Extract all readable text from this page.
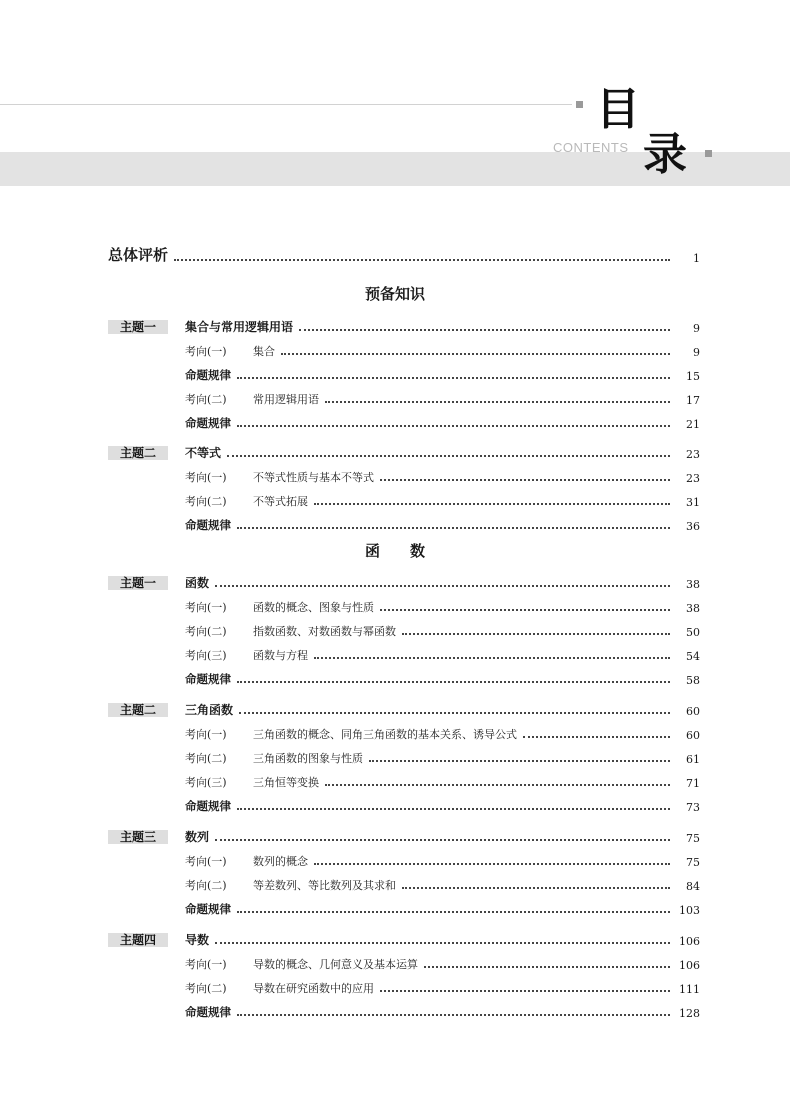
CONTENTS
目
录
总体评析	1
预备知识
主题一	集合与常用逻辑用语	9
考向(一) 集合	9
命题规律	15
考向(二) 常用逻辑用语	17
命题规律	21
主题二	不等式	23
考向(一) 不等式性质与基本不等式	23
考向(二) 不等式拓展	31
命题规律	36
函　　数
主题一	函数	38
考向(一) 函数的概念、图象与性质	38
考向(二) 指数函数、对数函数与幂函数	50
考向(三) 函数与方程	54
命题规律	58
主题二	三角函数	60
考向(一) 三角函数的概念、同角三角函数的基本关系、诱导公式	60
考向(二) 三角函数的图象与性质	61
考向(三) 三角恒等变换	71
命题规律	73
主题三	数列	75
考向(一) 数列的概念	75
考向(二) 等差数列、等比数列及其求和	84
命题规律	103
主题四	导数	106
考向(一) 导数的概念、几何意义及基本运算	106
考向(二) 导数在研究函数中的应用	111
命题规律	128
